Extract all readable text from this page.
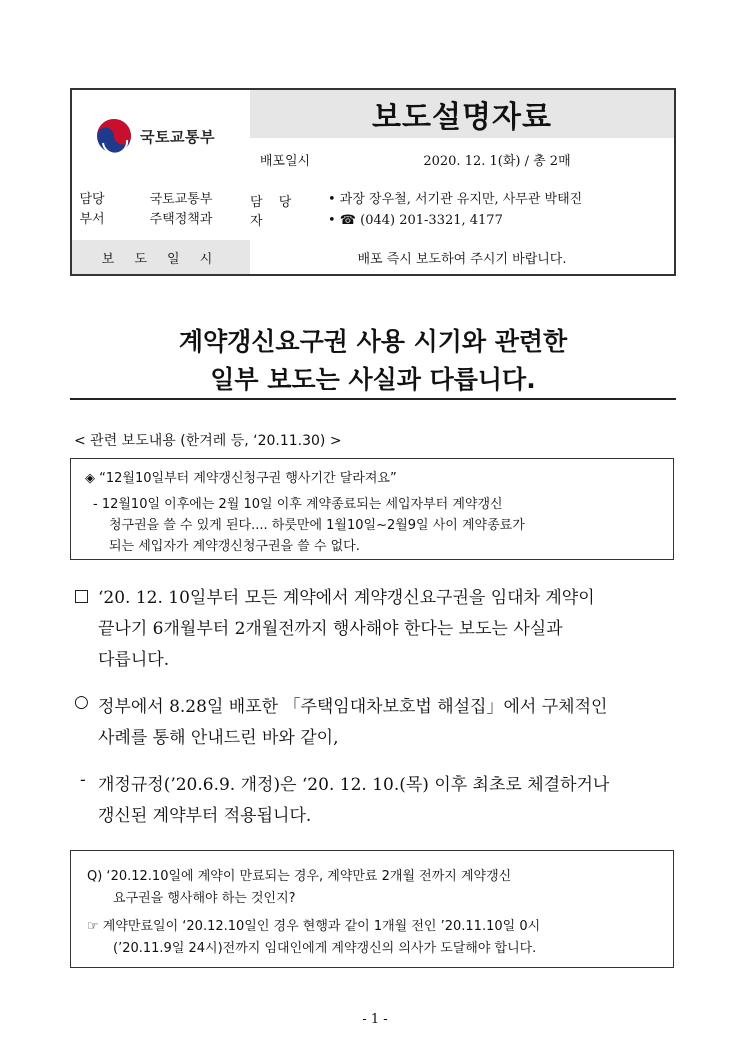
국토교통부
보도설명자료
배포일시	2020. 12. 1(화) / 총 2매
담당
부서
국토교통부
주택정책과
담 당 자
• 과장 장우철, 서기관 유지만, 사무관 박태진
• ☎ (044) 201-3321, 4177
보 도 일 시	배포 즉시 보도하여 주시기 바랍니다.
계약갱신요구권 사용 시기와 관련한
일부 보도는 사실과 다릅니다.
< 관련 보도내용 (한겨레 등, ‘20.11.30) >
◈ “12월10일부터 계약갱신청구권 행사기간 달라져요”
- 12월10일 이후에는 2월 10일 이후 계약종료되는 세입자부터 계약갱신
청구권을 쓸 수 있게 된다.... 하룻만에 1월10일~2월9일 사이 계약종료가
되는 세입자가 계약갱신청구권을 쓸 수 없다.
‘20. 12. 10일부터 모든 계약에서 계약갱신요구권을 임대차 계약이
끝나기 6개월부터 2개월전까지 행사해야 한다는 보도는 사실과
다릅니다.
○ 정부에서 8.28일 배포한 「주택임대차보호법 해설집」에서 구체적인
사례를 통해 안내드린 바와 같이,
- 개정규정(’20.6.9. 개정)은 ‘20. 12. 10.(목) 이후 최초로 체결하거나
갱신된 계약부터 적용됩니다.
Q) ‘20.12.10일에 계약이 만료되는 경우, 계약만료 2개월 전까지 계약갱신
요구권을 행사해야 하는 것인지?
☞ 계약만료일이 ‘20.12.10일인 경우 현행과 같이 1개월 전인 ’20.11.10일 0시
(’20.11.9일 24시)전까지 임대인에게 계약갱신의 의사가 도달해야 합니다.
- 1 -
